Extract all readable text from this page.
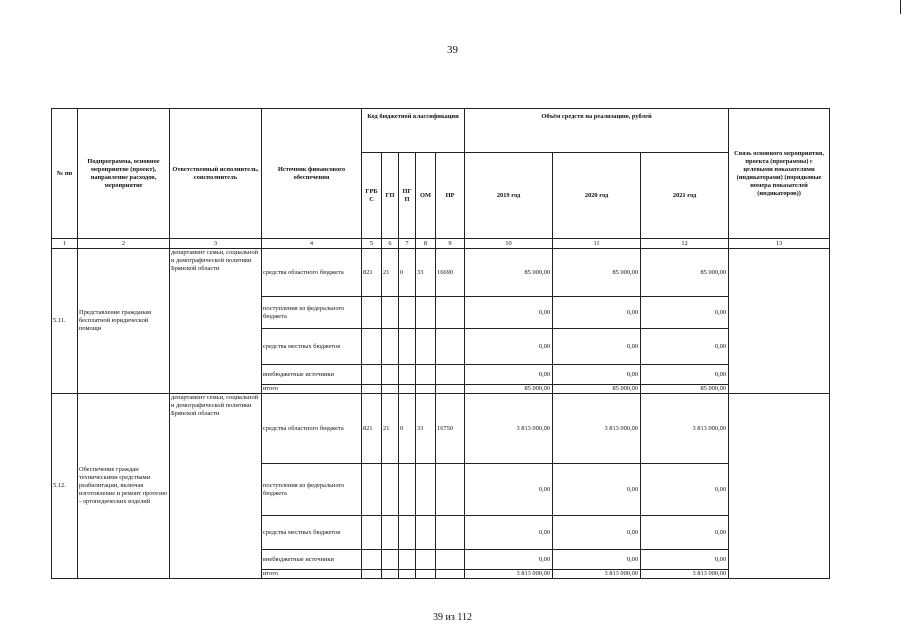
39
№ пп	Подпрограмма, основное мероприятие (проект), направление расходов, мероприятие	Ответственный исполнитель, соисполнитель	Источник финансового обеспечения	Код бюджетной классификации					Объём средств на реализацию, рублей			Связь основного мероприятия, проекта (программы) с целевыми показателями (индикаторами) (порядковые номера показателей (индикаторов))
				ГРБ С	ГП	ПГ П	ОМ	НР	2019 год	2020 год	2021 год	
1	2	3	4	5	6	7	8	9	10	11	12	13
5.11.	Представление гражданам бесплатной юридической помощи	департамент семьи, социальной и демографической политики Брянской области	средства областного бюджета	821	21	0	33	16690	85 000,00	85 000,00	85 000,00	
			поступления из федерального бюджета						0,00	0,00	0,00	
			средства местных бюджетов						0,00	0,00	0,00	
			внебюджетные источники						0,00	0,00	0,00	
			итого						85 000,00	85 000,00	85 000,00	
5.12.	Обеспечение граждан техническими средствами реабилитации, включая изготовление и ремонт протезно - ортопедических изделий	департамент семьи, социальной и демографической политики Брянской области	средства областного бюджета	821	21	0	33	16750	3 813 000,00	3 813 000,00	3 813 000,00	
			поступления из федерального бюджета						0,00	0,00	0,00	
			средства местных бюджетов						0,00	0,00	0,00	
			внебюджетные источники						0,00	0,00	0,00	
			итого						3 813 000,00	3 813 000,00	3 813 000,00	
39 из 112
